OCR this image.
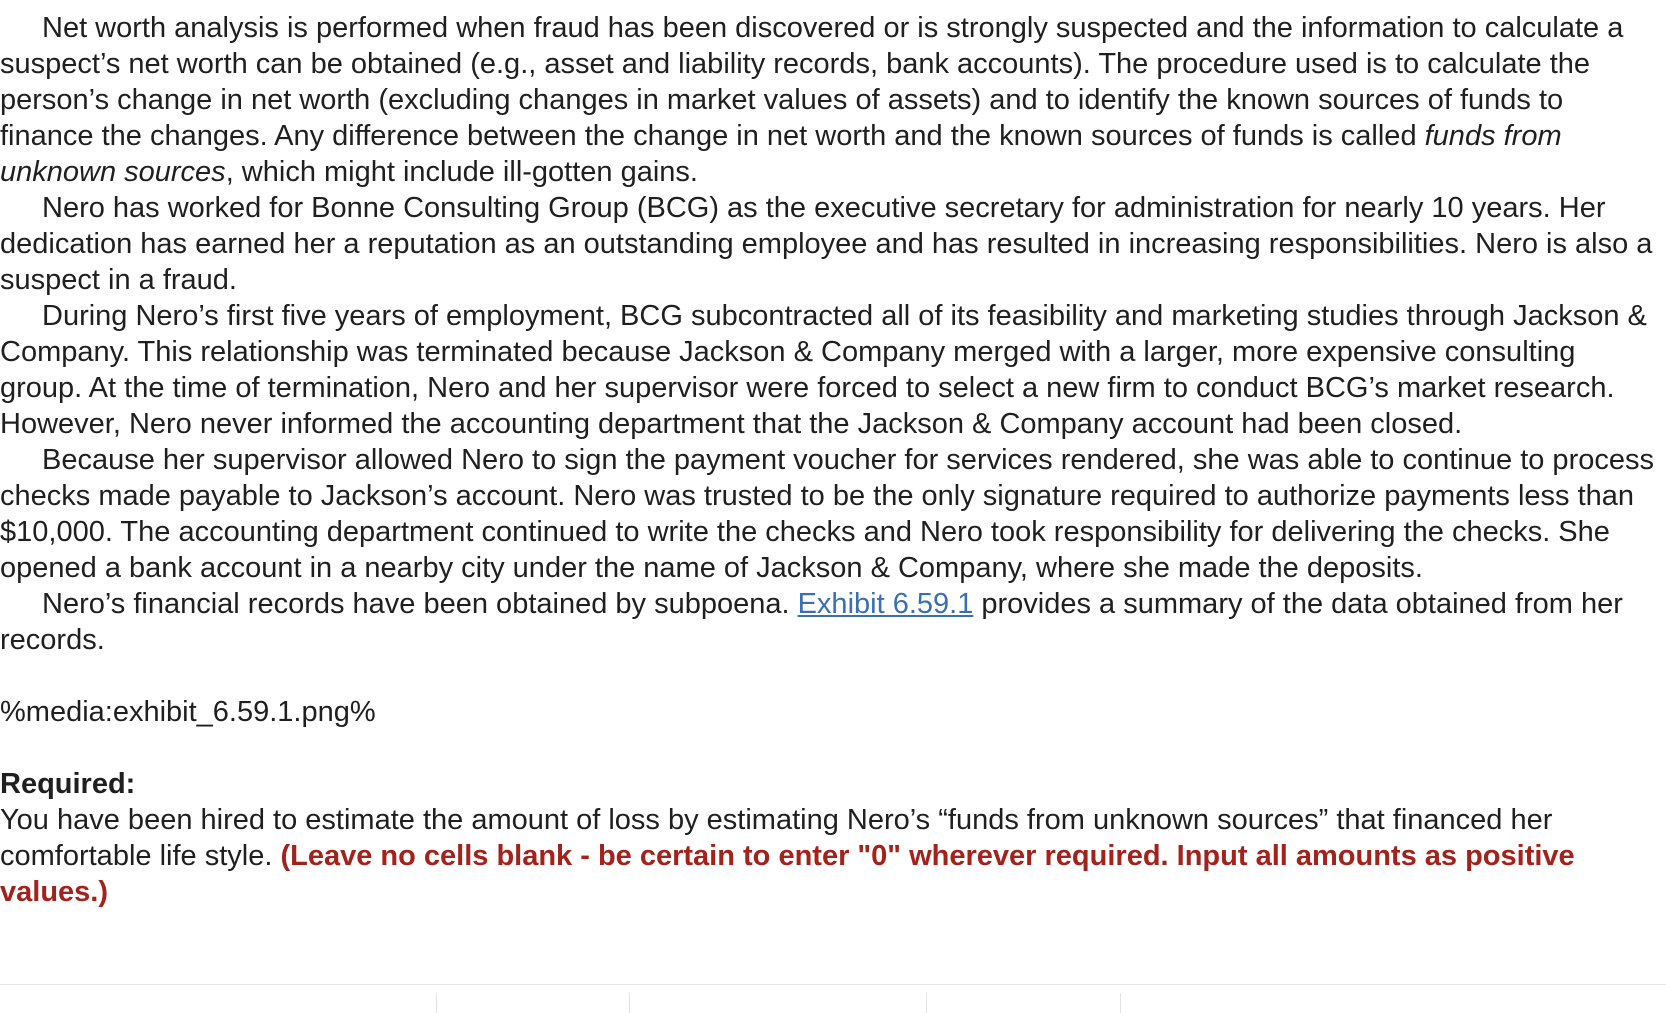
Net worth analysis is performed when fraud has been discovered or is strongly suspected and the information to calculate a suspect’s net worth can be obtained (e.g., asset and liability records, bank accounts). The procedure used is to calculate the person’s change in net worth (excluding changes in market values of assets) and to identify the known sources of funds to finance the changes. Any difference between the change in net worth and the known sources of funds is called funds from unknown sources, which might include ill-gotten gains.

Nero has worked for Bonne Consulting Group (BCG) as the executive secretary for administration for nearly 10 years. Her dedication has earned her a reputation as an outstanding employee and has resulted in increasing responsibilities. Nero is also a suspect in a fraud.

During Nero’s first five years of employment, BCG subcontracted all of its feasibility and marketing studies through Jackson & Company. This relationship was terminated because Jackson & Company merged with a larger, more expensive consulting group. At the time of termination, Nero and her supervisor were forced to select a new firm to conduct BCG’s market research. However, Nero never informed the accounting department that the Jackson & Company account had been closed.

Because her supervisor allowed Nero to sign the payment voucher for services rendered, she was able to continue to process checks made payable to Jackson’s account. Nero was trusted to be the only signature required to authorize payments less than $10,000. The accounting department continued to write the checks and Nero took responsibility for delivering the checks. She opened a bank account in a nearby city under the name of Jackson & Company, where she made the deposits.

Nero’s financial records have been obtained by subpoena. Exhibit 6.59.1 provides a summary of the data obtained from her records.

%media:exhibit_6.59.1.png%

Required:

You have been hired to estimate the amount of loss by estimating Nero’s “funds from unknown sources” that financed her comfortable life style. (Leave no cells blank - be certain to enter "0" wherever required. Input all amounts as positive values.)
